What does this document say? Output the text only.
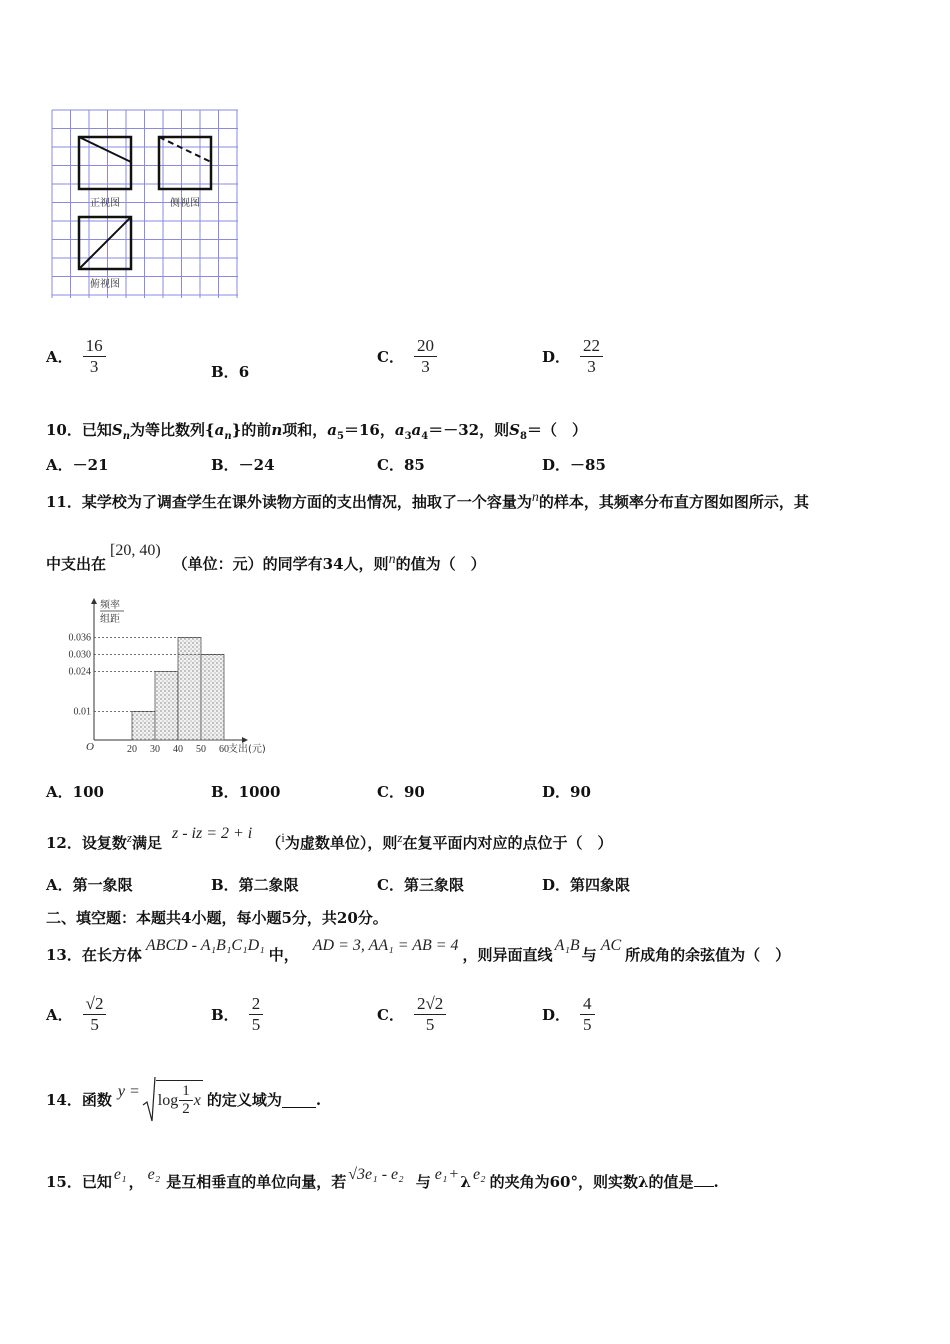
正视图	侧视图
俯视图
A． $\frac{16}{3}$	B．6
C． $\frac{20}{3}$	D． $\frac{22}{3}$
10．已知$S_n$为等比数列$\{a_n\}$的前n项和，$a_5=16$，$a_3a_4=-32$，则$S_8=$（　）
A．－21	B．－24	C．85	D．－85
11．某学校为了调查学生在课外读物方面的支出情况，抽取了一个容量为$^n$的样本，其频率分布直方图如图所示，其
中支出在[20, 40)（单位：元）的同学有34人，则$^n$的值为（　）
频率
组距
0.036
0.030
0.024
0.01
20 30 40 50 60
O	支出(元)
A．100	B．1000	C．90	D．90
12．设复数$^z$满足z - iz = 2 + i（$^i$为虚数单位），则$^z$在复平面内对应的点位于（　）
A．第一象限	B．第二象限	C．第三象限	D．第四象限
二、填空题：本题共4小题，每小题5分，共20分。
13．在长方体ABCD - A₁B₁C₁D₁中，AD = 3, AA₁ = AB = 4，则异面直线A₁B与AC所成角的余弦值为（　）
A． $\frac{√2}{5}$	B． $\frac{2}{5}$	C． $\frac{2√2}{5}$	D． $\frac{4}{5}$
14． 函数 $y = \log \frac{1}{2}$ x 的定义域为 .
15．已知 e₁ ， e₂ 是互相垂直的单位向量，若 √3e₁ - e₂ 与 e₁ + λ e₂ 的夹角为60°，则实数λ的值是 .
